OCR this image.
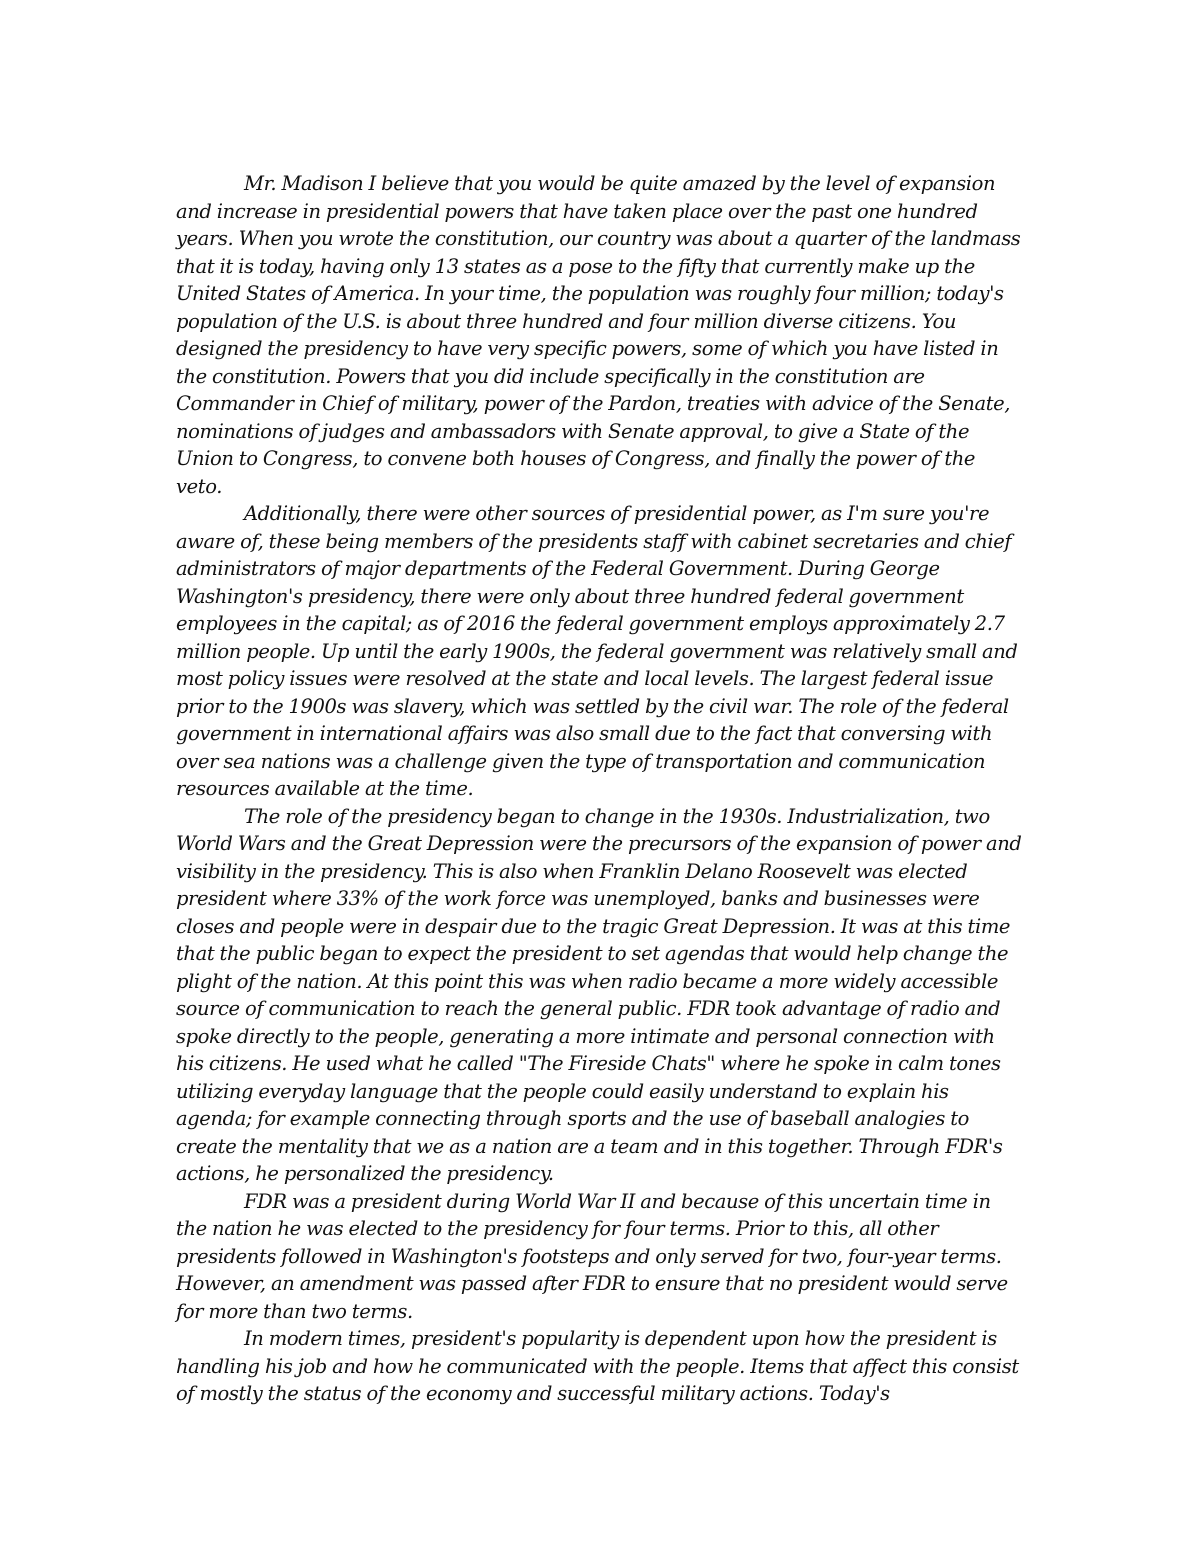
Mr. Madison I believe that you would be quite amazed by the level of expansion and increase in presidential powers that have taken place over the past one hundred years. When you wrote the constitution, our country was about a quarter of the landmass that it is today, having only 13 states as a pose to the fifty that currently make up the United States of America. In your time, the population was roughly four million; today's population of the U.S. is about three hundred and four million diverse citizens. You designed the presidency to have very specific powers, some of which you have listed in the constitution. Powers that you did include specifically in the constitution are Commander in Chief of military, power of the Pardon, treaties with advice of the Senate, nominations of judges and ambassadors with Senate approval, to give a State of the Union to Congress, to convene both houses of Congress, and finally the power of the veto.

Additionally, there were other sources of presidential power, as I'm sure you're aware of, these being members of the presidents staff with cabinet secretaries and chief administrators of major departments of the Federal Government. During George Washington's presidency, there were only about three hundred federal government employees in the capital; as of 2016 the federal government employs approximately 2.7 million people. Up until the early 1900s, the federal government was relatively small and most policy issues were resolved at the state and local levels. The largest federal issue prior to the 1900s was slavery, which was settled by the civil war. The role of the federal government in international affairs was also small due to the fact that conversing with over sea nations was a challenge given the type of transportation and communication resources available at the time.

The role of the presidency began to change in the 1930s. Industrialization, two World Wars and the Great Depression were the precursors of the expansion of power and visibility in the presidency. This is also when Franklin Delano Roosevelt was elected president where 33% of the work force was unemployed, banks and businesses were closes and people were in despair due to the tragic Great Depression. It was at this time that the public began to expect the president to set agendas that would help change the plight of the nation. At this point this was when radio became a more widely accessible source of communication to reach the general public. FDR took advantage of radio and spoke directly to the people, generating a more intimate and personal connection with his citizens. He used what he called "The Fireside Chats" where he spoke in calm tones utilizing everyday language that the people could easily understand to explain his agenda; for example connecting through sports and the use of baseball analogies to create the mentality that we as a nation are a team and in this together. Through FDR's actions, he personalized the presidency.

FDR was a president during World War II and because of this uncertain time in the nation he was elected to the presidency for four terms. Prior to this, all other presidents followed in Washington's footsteps and only served for two, four-year terms. However, an amendment was passed after FDR to ensure that no president would serve for more than two terms.

In modern times, president's popularity is dependent upon how the president is handling his job and how he communicated with the people. Items that affect this consist of mostly the status of the economy and successful military actions. Today's
